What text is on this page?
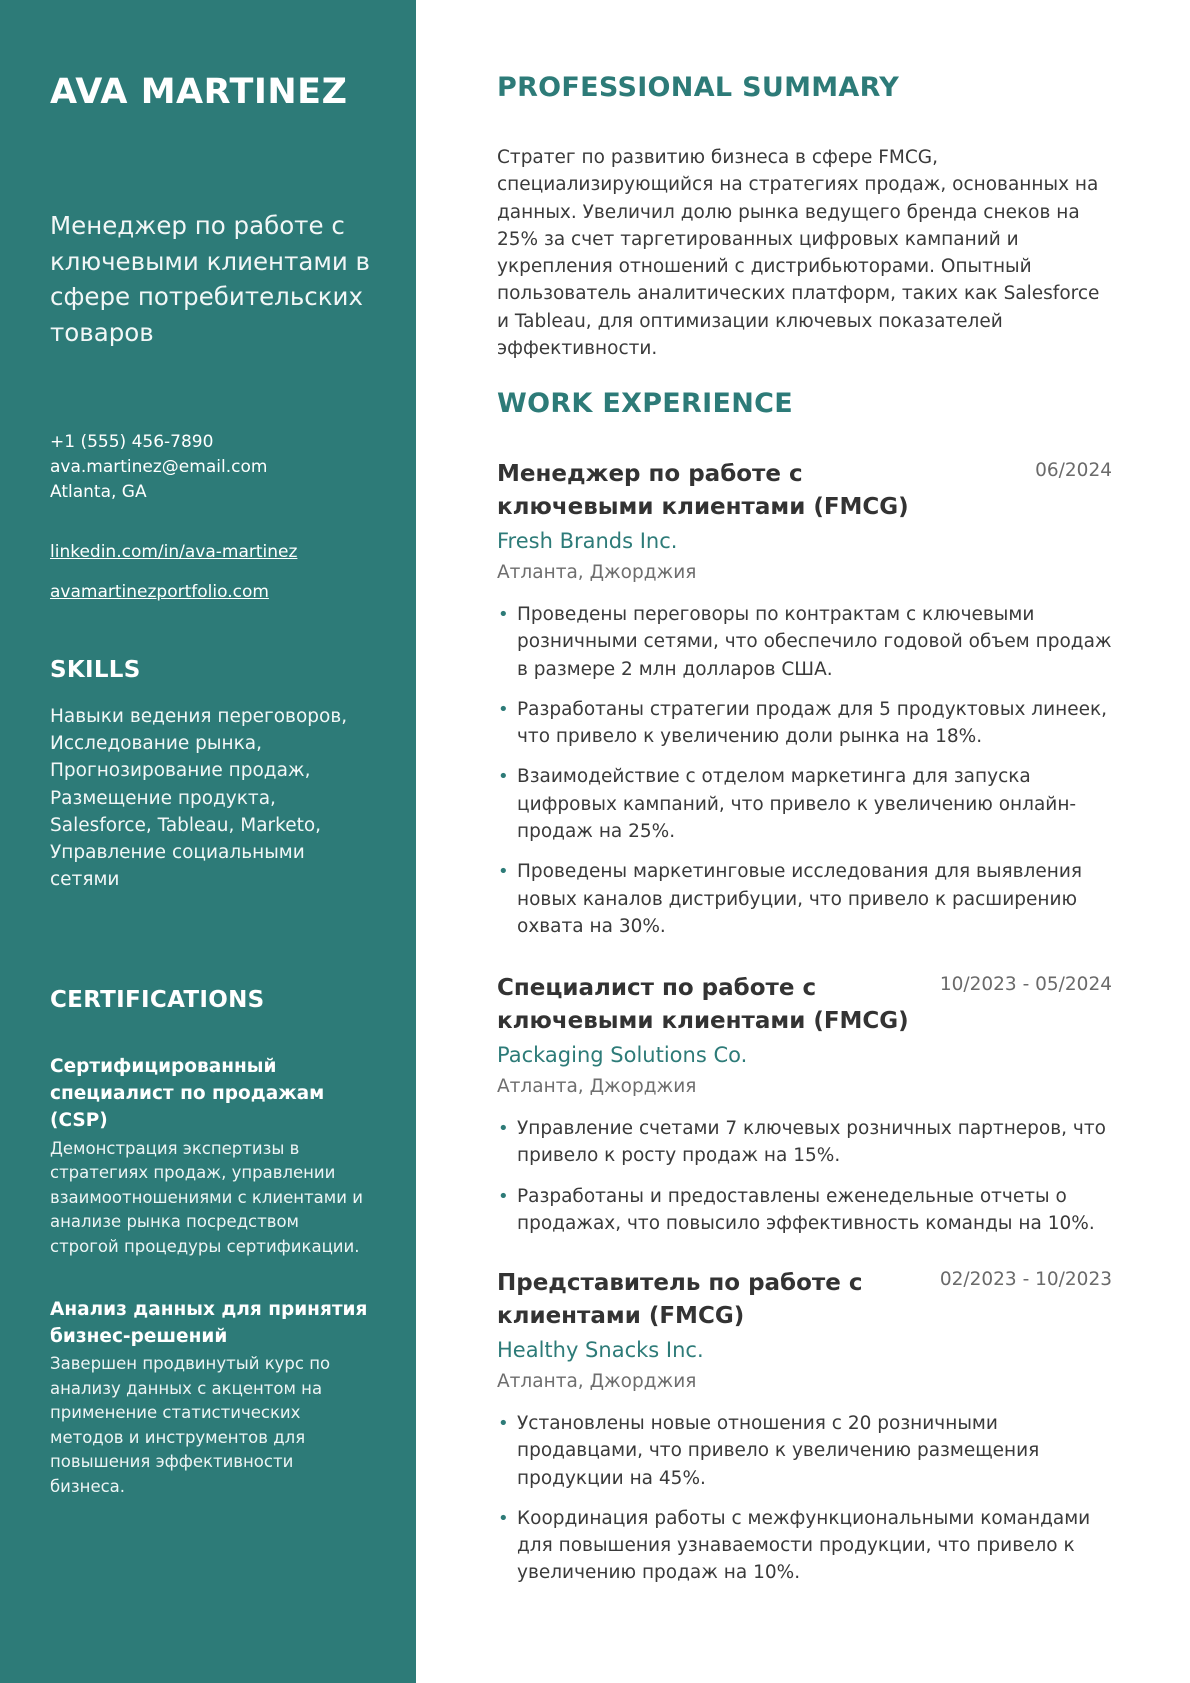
AVA MARTINEZ
Менеджер по работе с ключевыми клиентами в сфере потребительских товаров
+1 (555) 456-7890
ava.martinez@email.com
Atlanta, GA
linkedin.com/in/ava-martinez
avamartinezportfolio.com
SKILLS
Навыки ведения переговоров, Исследование рынка, Прогнозирование продаж, Размещение продукта, Salesforce, Tableau, Marketo, Управление социальными сетями
CERTIFICATIONS
Сертифицированный специалист по продажам (CSP)
Демонстрация экспертизы в стратегиях продаж, управлении взаимоотношениями с клиентами и анализе рынка посредством строгой процедуры сертификации.
Анализ данных для принятия бизнес-решений
Завершен продвинутый курс по анализу данных с акцентом на применение статистических методов и инструментов для повышения эффективности бизнеса.
PROFESSIONAL SUMMARY

Стратег по развитию бизнеса в сфере FMCG, специализирующийся на стратегиях продаж, основанных на данных. Увеличил долю рынка ведущего бренда снеков на 25% за счет таргетированных цифровых кампаний и укрепления отношений с дистрибьюторами. Опытный пользователь аналитических платформ, таких как Salesforce и Tableau, для оптимизации ключевых показателей эффективности.

WORK EXPERIENCE
Менеджер по работе с ключевыми клиентами (FMCG)
06/2024
Fresh Brands Inc.
Атланта, Джорджия
• Проведены переговоры по контрактам с ключевыми розничными сетями, что обеспечило годовой объем продаж в размере 2 млн долларов США.
• Разработаны стратегии продаж для 5 продуктовых линеек, что привело к увеличению доли рынка на 18%.
• Взаимодействие с отделом маркетинга для запуска цифровых кампаний, что привело к увеличению онлайн-продаж на 25%.
• Проведены маркетинговые исследования для выявления новых каналов дистрибуции, что привело к расширению охвата на 30%.
Специалист по работе с ключевыми клиентами (FMCG)
10/2023 - 05/2024
Packaging Solutions Co.
Атланта, Джорджия
• Управление счетами 7 ключевых розничных партнеров, что привело к росту продаж на 15%.
• Разработаны и предоставлены еженедельные отчеты о продажах, что повысило эффективность команды на 10%.
Представитель по работе с клиентами (FMCG)
02/2023 - 10/2023
Healthy Snacks Inc.
Атланта, Джорджия
• Установлены новые отношения с 20 розничными продавцами, что привело к увеличению размещения продукции на 45%.
• Координация работы с межфункциональными командами для повышения узнаваемости продукции, что привело к увеличению продаж на 10%.
